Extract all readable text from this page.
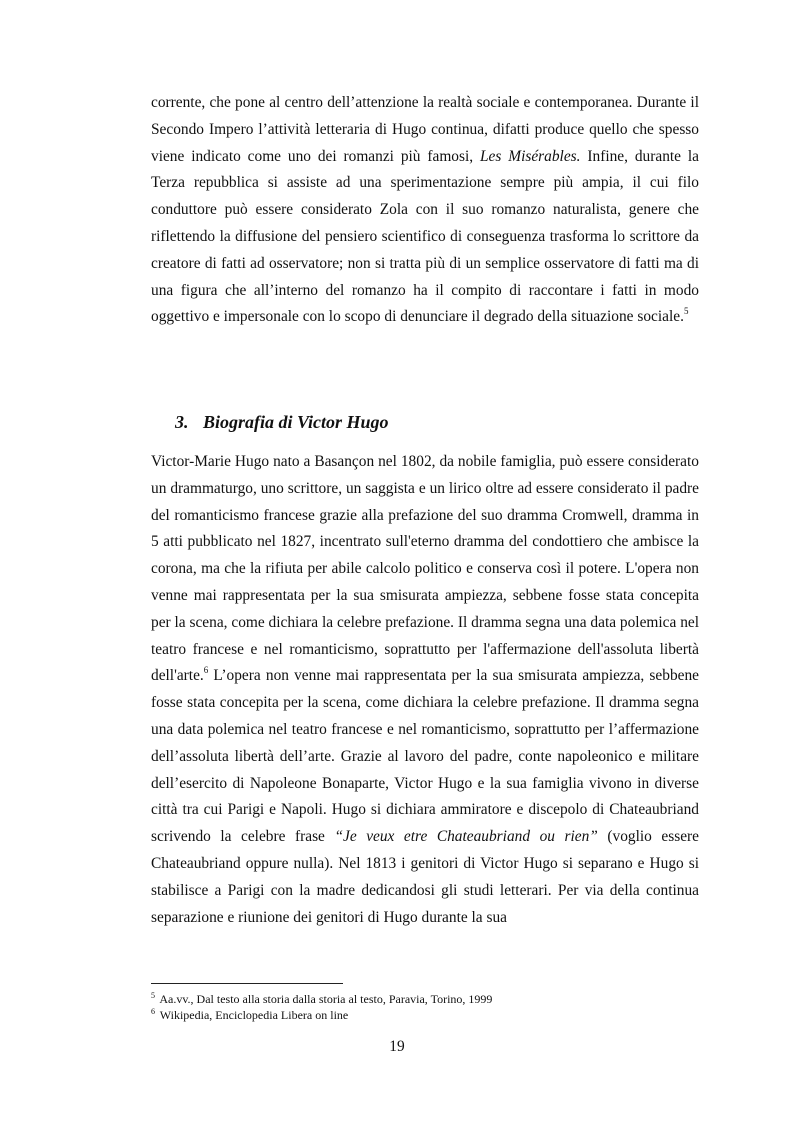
corrente, che pone al centro dell’attenzione la realtà sociale e contemporanea. Durante il Secondo Impero l’attività letteraria di Hugo continua, difatti produce quello che spesso viene indicato come uno dei romanzi più famosi, Les Misérables. Infine, durante la Terza repubblica si assiste ad una sperimentazione sempre più ampia, il cui filo conduttore può essere considerato Zola con il suo romanzo naturalista, genere che riflettendo la diffusione del pensiero scientifico di conseguenza trasforma lo scrittore da creatore di fatti ad osservatore; non si tratta più di un semplice osservatore di fatti ma di una figura che all’interno del romanzo ha il compito di raccontare i fatti in modo oggettivo e impersonale con lo scopo di denunciare il degrado della situazione sociale.$^5$

3. Biografia di Victor Hugo

Victor-Marie Hugo nato a Basançon nel 1802, da nobile famiglia, può essere considerato un drammaturgo, uno scrittore, un saggista e un lirico oltre ad essere considerato il padre del romanticismo francese grazie alla prefazione del suo dramma Cromwell, dramma in 5 atti pubblicato nel 1827, incentrato sull'eterno dramma del condottiero che ambisce la corona, ma che la rifiuta per abile calcolo politico e conserva così il potere. L'opera non venne mai rappresentata per la sua smisurata ampiezza, sebbene fosse stata concepita per la scena, come dichiara la celebre prefazione. Il dramma segna una data polemica nel teatro francese e nel romanticismo, soprattutto per l'affermazione dell'assoluta libertà dell'arte.$^6$ L’opera non venne mai rappresentata per la sua smisurata ampiezza, sebbene fosse stata concepita per la scena, come dichiara la celebre prefazione. Il dramma segna una data polemica nel teatro francese e nel romanticismo, soprattutto per l’affermazione dell’assoluta libertà dell’arte. Grazie al lavoro del padre, conte napoleonico e militare dell’esercito di Napoleone Bonaparte, Victor Hugo e la sua famiglia vivono in diverse città tra cui Parigi e Napoli. Hugo si dichiara ammiratore e discepolo di Chateaubriand scrivendo la celebre frase “Je veux etre Chateaubriand ou rien” (voglio essere Chateaubriand oppure nulla). Nel 1813 i genitori di Victor Hugo si separano e Hugo si stabilisce a Parigi con la madre dedicandosi gli studi letterari. Per via della continua separazione e riunione dei genitori di Hugo durante la sua

$^5$ Aa.vv., Dal testo alla storia dalla storia al testo, Paravia, Torino, 1999

$^6$ Wikipedia, Enciclopedia Libera on line

19
